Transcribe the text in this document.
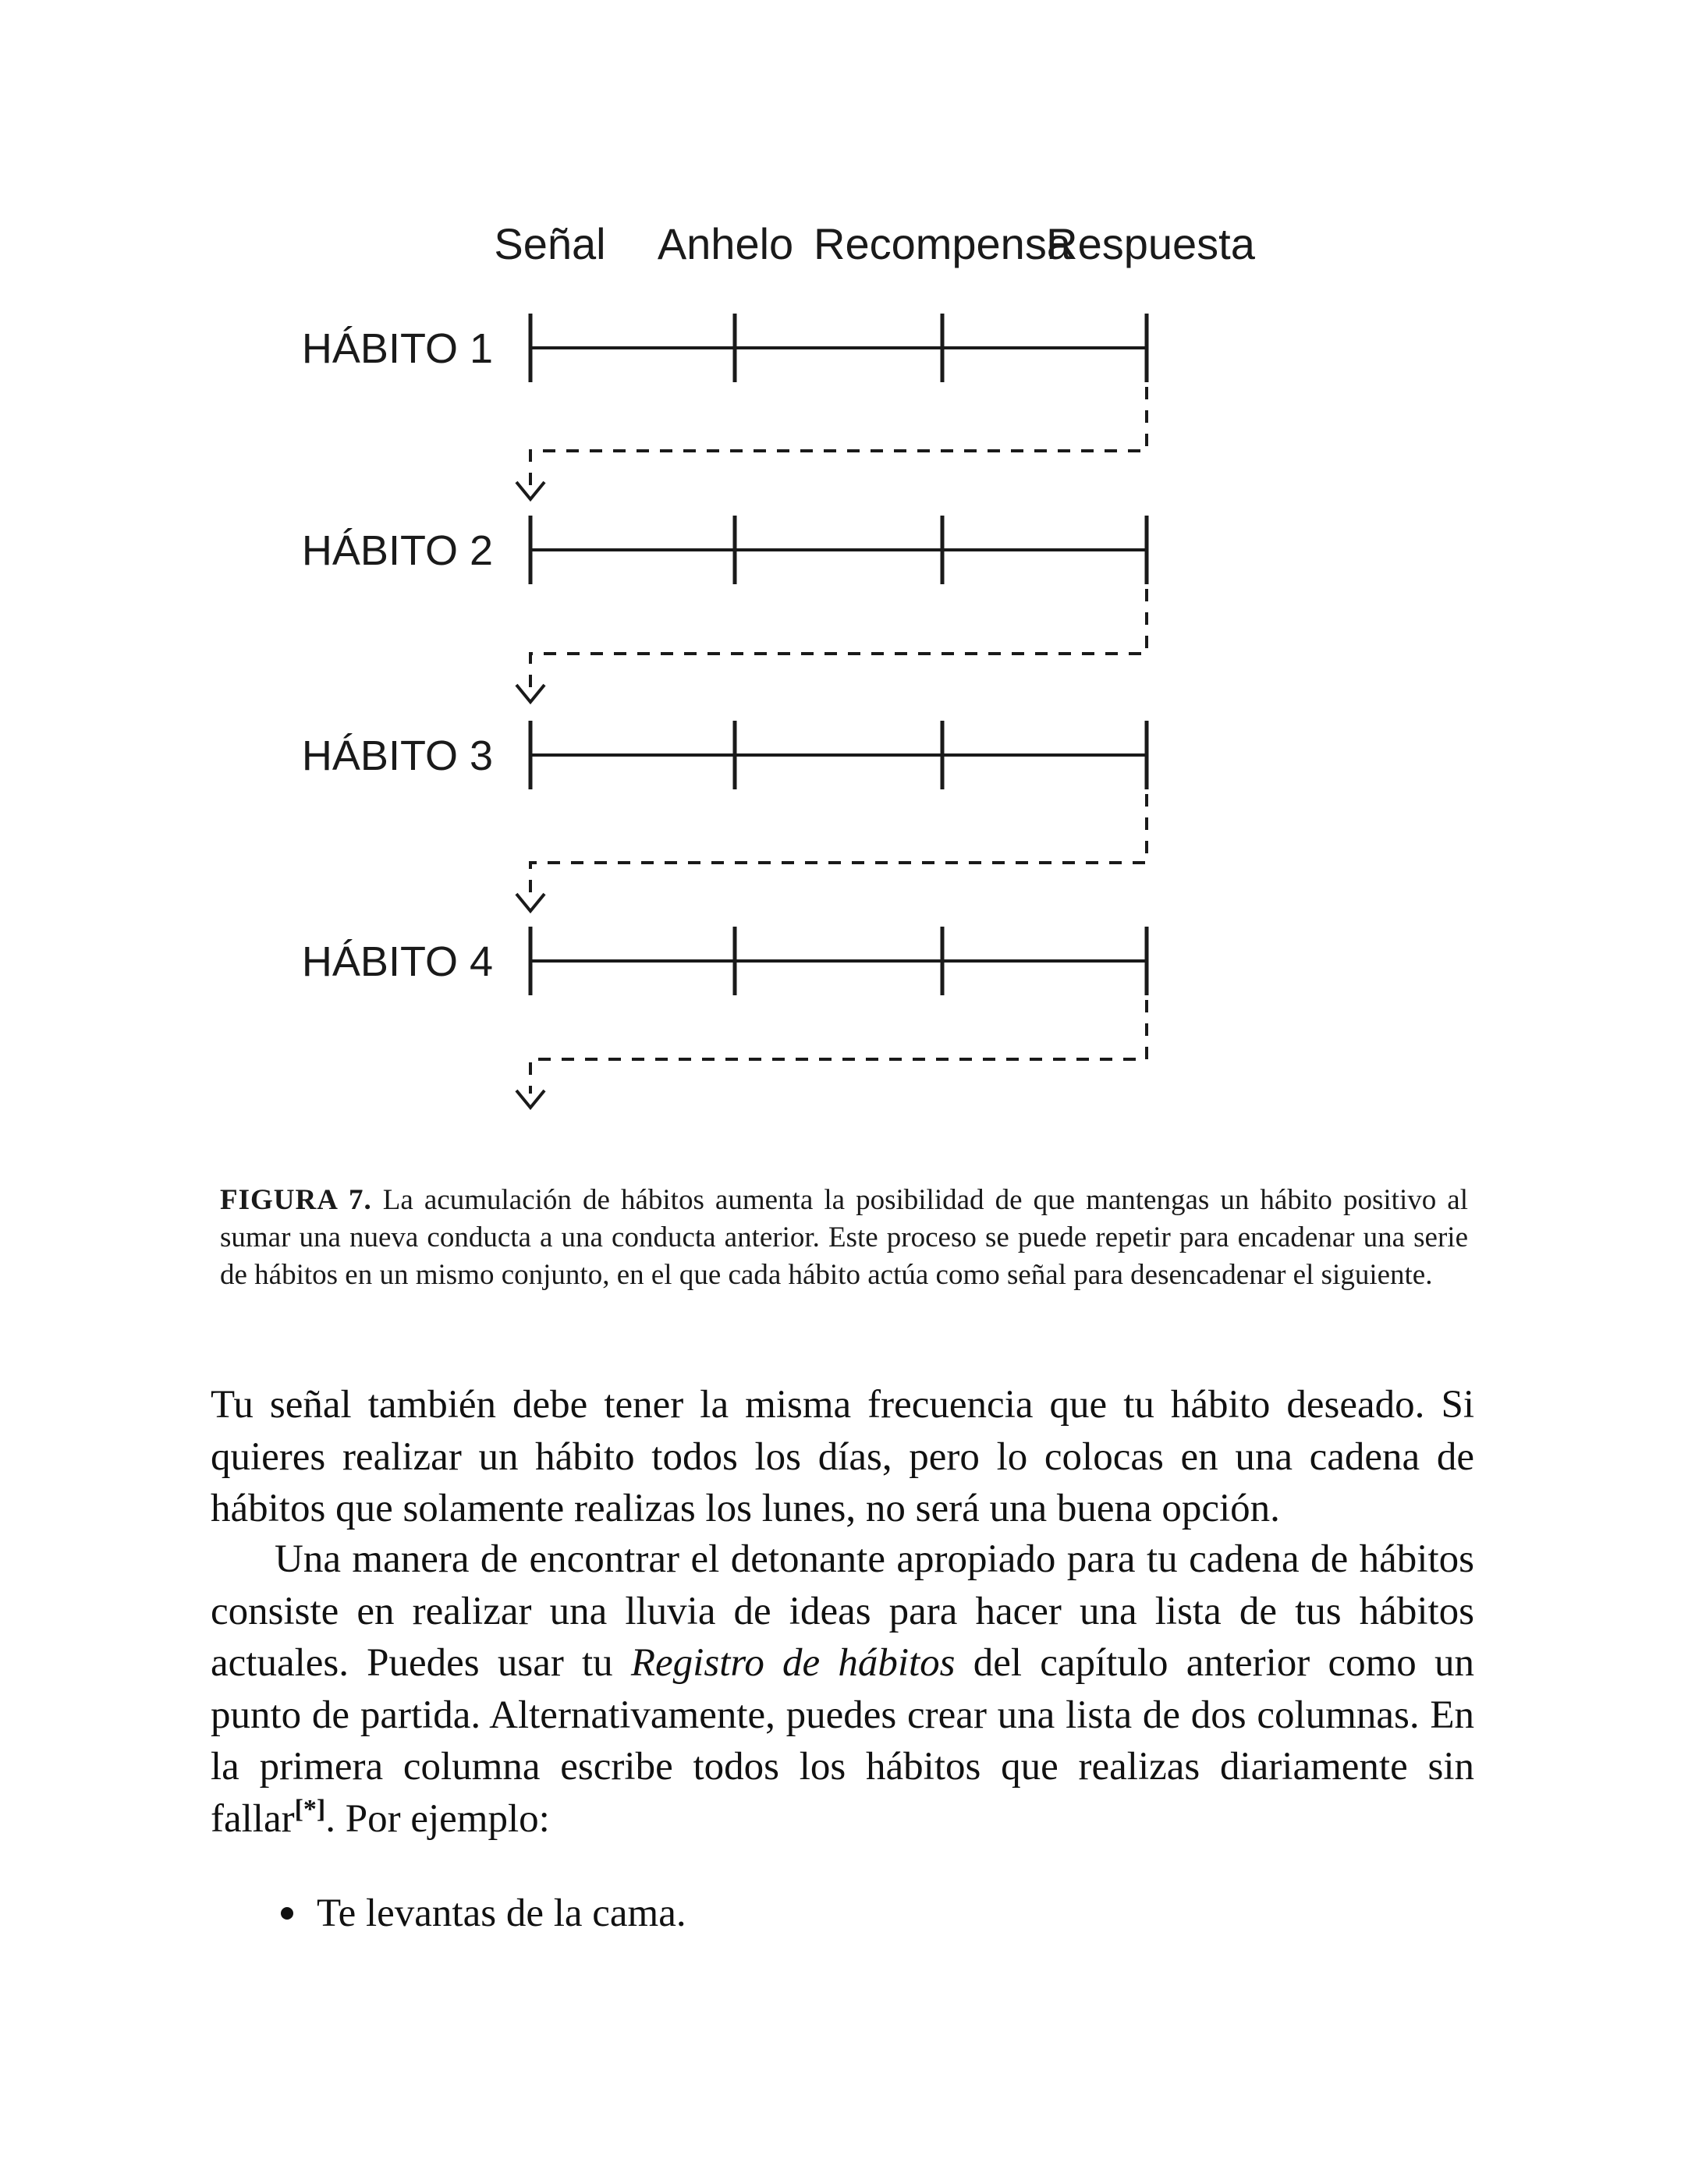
Señal Anhelo Recompensa
Respuesta
HÁBITO 1
HÁBITO 2
HÁBITO 3
HÁBITO 4
FIGURA 7. La acumulación de hábitos aumenta la posibilidad de que mantengas un hábito positivo al sumar una nueva conducta a una conducta anterior. Este proceso se puede repetir para encadenar una serie de hábitos en un mismo conjunto, en el que cada hábito actúa como señal para desencadenar el siguiente.

Tu señal también debe tener la misma frecuencia que tu hábito deseado. Si quieres realizar un hábito todos los días, pero lo colocas en una cadena de hábitos que solamente realizas los lunes, no será una buena opción.

Una manera de encontrar el detonante apropiado para tu cadena de hábitos consiste en realizar una lluvia de ideas para hacer una lista de tus hábitos actuales. Puedes usar tu Registro de hábitos del capítulo anterior como un punto de partida. Alternativamente, puedes crear una lista de dos columnas. En la primera columna escribe todos los hábitos que realizas diariamente sin fallar[*]. Por ejemplo:

Te levantas de la cama.
